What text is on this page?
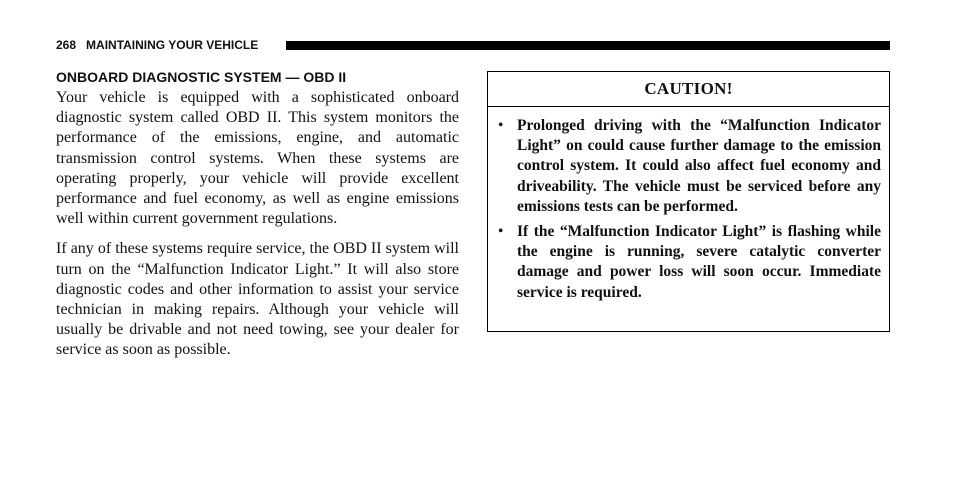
268 MAINTAINING YOUR VEHICLE
ONBOARD DIAGNOSTIC SYSTEM — OBD II

Your vehicle is equipped with a sophisticated onboard diagnostic system called OBD II. This system monitors the performance of the emissions, engine, and automatic transmission control systems. When these systems are operating properly, your vehicle will provide excellent performance and fuel economy, as well as engine emissions well within current government regulations.

If any of these systems require service, the OBD II system will turn on the “Malfunction Indicator Light.” It will also store diagnostic codes and other information to assist your service technician in making repairs. Although your vehicle will usually be drivable and not need towing, see your dealer for service as soon as possible.

CAUTION!
• Prolonged driving with the “Malfunction Indicator Light” on could cause further damage to the emission control system. It could also affect fuel economy and driveability. The vehicle must be serviced before any emissions tests can be performed.
• If the “Malfunction Indicator Light” is flashing while the engine is running, severe catalytic converter damage and power loss will soon occur. Immediate service is required.
